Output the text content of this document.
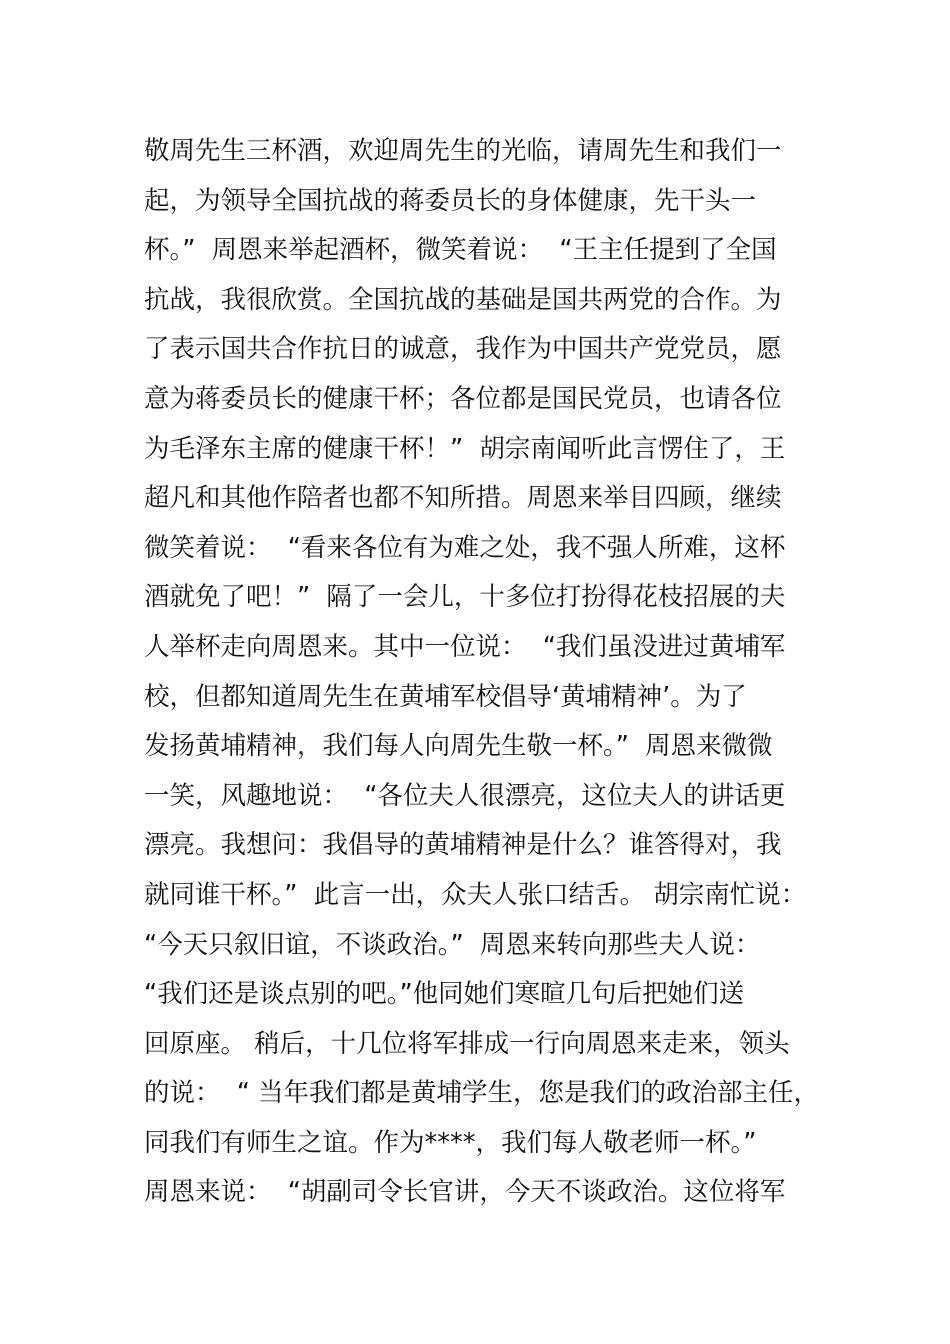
敬周先生三杯酒，欢迎周先生的光临，请周先生和我们一
起，为领导全国抗战的蒋委员长的身体健康，先干头一
杯。”  周恩来举起酒杯，微笑着说：  “王主任提到了全国
抗战，我很欣赏。全国抗战的基础是国共两党的合作。为
了表示国共合作抗日的诚意，我作为中国共产党党员，愿
意为蒋委员长的健康干杯；各位都是国民党员，也请各位
为毛泽东主席的健康干杯！”  胡宗南闻听此言愣住了，王
超凡和其他作陪者也都不知所措。周恩来举目四顾，继续
微笑着说：  “看来各位有为难之处，我不强人所难，这杯
酒就免了吧！”  隔了一会儿，十多位打扮得花枝招展的夫
人举杯走向周恩来。其中一位说：  “我们虽没进过黄埔军
校，但都知道周先生在黄埔军校倡导‘黄埔精神’。为了
发扬黄埔精神，我们每人向周先生敬一杯。”  周恩来微微
一笑，风趣地说：  “各位夫人很漂亮，这位夫人的讲话更
漂亮。我想问：我倡导的黄埔精神是什么？谁答得对，我
就同谁干杯。”  此言一出，众夫人张口结舌。 胡宗南忙说：
“今天只叙旧谊，不谈政治。”  周恩来转向那些夫人说：
“我们还是谈点别的吧。”他同她们寒暄几句后把她们送
回原座。 稍后，十几位将军排成一行向周恩来走来，领头
的说：  “ 当年我们都是黄埔学生，您是我们的政治部主任，
同我们有师生之谊。作为****，我们每人敬老师一杯。”
周恩来说：  “胡副司令长官讲，今天不谈政治。这位将军
